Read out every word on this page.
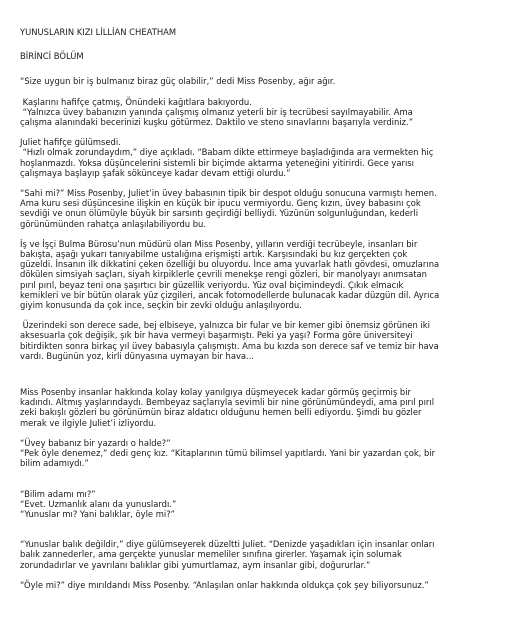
YUNUSLARIN KIZI LİLLİAN CHEATHAM
BİRİNCİ BÖLÜM

“Size uygun bir iş bulmanız biraz güç olabilir,” dedi Miss Posenby, ağır ağır.

Kaşlarını hafifçe çatmış, Önündeki kağıtlara bakıyordu.
“Yalnızca üvey babanızın yanında çalışmış olmanız yeterli bir iş tecrübesi sayılmayabilir. Ama
çalışma alanındaki becerinizi kuşku götürmez. Daktilo ve steno sınavlarını başarıyla verdiniz.”

Juliet hafifçe gülümsedi.
“Hızlı olmak zorundaydım,” diye açıkladı. “Babam dikte ettirmeye başladığında ara vermekten hiç
hoşlanmazdı. Yoksa düşüncelerini sistemli bir biçimde aktarma yeteneğini yitirirdi. Gece yarısı
çalışmaya başlayıp şafak sökünceye kadar devam ettiği olurdu.”

“Sahi mi?” Miss Posenby, Juliet’in üvey babasının tipik bir despot olduğu sonucuna varmıştı hemen.
Ama kuru sesi düşüncesine ilişkin en küçük bir ipucu vermiyordu. Genç kızın, üvey babasını çok
sevdiği ve onun ölümüyle büyük bir sarsıntı geçirdiği belliydi. Yüzünün solgunluğundan, kederli
görünümünden rahatça anlaşılabiliyordu bu.

İş ve İşçi Bulma Bürosu’nun müdürü olan Miss Posenby, yılların verdiği tecrübeyle, insanları bir
bakışta, aşağı yukarı tanıyabilme ustalığına erişmişti artık. Karşısındaki bu kız gerçekten çok
güzeldi. İnsanın ilk dikkatini çeken özelliği bu oluyordu. İnce ama yuvarlak hatlı gövdesi, omuzlarına
dökülen simsiyah saçları, siyah kirpiklerle çevrili menekşe rengi gözleri, bir manolyayı anımsatan
pırıl pırıl, beyaz teni ona şaşırtıcı bir güzellik veriyordu. Yüz oval biçimindeydi. Çıkık elmacık
kemikleri ve bir bütün olarak yüz çizgileri, ancak fotomodellerde bulunacak kadar düzgün dil. Ayrıca
giyim konusunda da çok ince, seçkin bir zevki olduğu anlaşılıyordu.

Üzerindeki son derece sade, bej elbiseye, yalnızca bir fular ve bir kemer gibi önemsiz görünen iki
aksesuarla çok değişik, şık bir hava vermeyi başarmıştı. Peki ya yaşı? Forma göre üniversiteyi
bitirdikten sonra birkaç yıl üvey babasıyla çalışmıştı. Ama bu kızda son derece saf ve temiz bir hava
vardı. Bugünün yoz, kirli dünyasına uymayan bir hava...

Miss Posenby insanlar hakkında kolay kolay yanılgıya düşmeyecek kadar görmüş geçirmiş bir
kadındı. Altmış yaşlarındaydı. Bembeyaz saçlarıyla sevimli bir nine görünümündeydi, ama pırıl pırıl
zeki bakışlı gözleri bu görünümün biraz aldatıcı olduğunu hemen belli ediyordu. Şimdi bu gözler
merak ve ilgiyle Juliet’i izliyordu.

“Üvey babanız bir yazardı o halde?”
“Pek öyle denemez,” dedi genç kız. “Kitaplarının tümü bilimsel yapıtlardı. Yani bir yazardan çok, bir
bilim adamıydı.”

“Bilim adamı mı?”
“Evet. Uzmanlık alanı da yunuslardı.”
“Yunuslar mı? Yani balıklar, öyle mi?”

“Yunuslar balık değildir,” diye gülümseyerek düzeltti Juliet. “Denizde yaşadıkları için insanlar onları
balık zannederler, ama gerçekte yunuslar memeliler sınıfına girerler. Yaşamak için solumak
zorundadırlar ve yavrılanı balıklar gibi yumurtlamaz, aym insanlar gibi, doğururlar.”

“Öyle mi?” diye mırıldandı Miss Posenby. “Anlaşılan onlar hakkında oldukça çok şey biliyorsunuz.”
